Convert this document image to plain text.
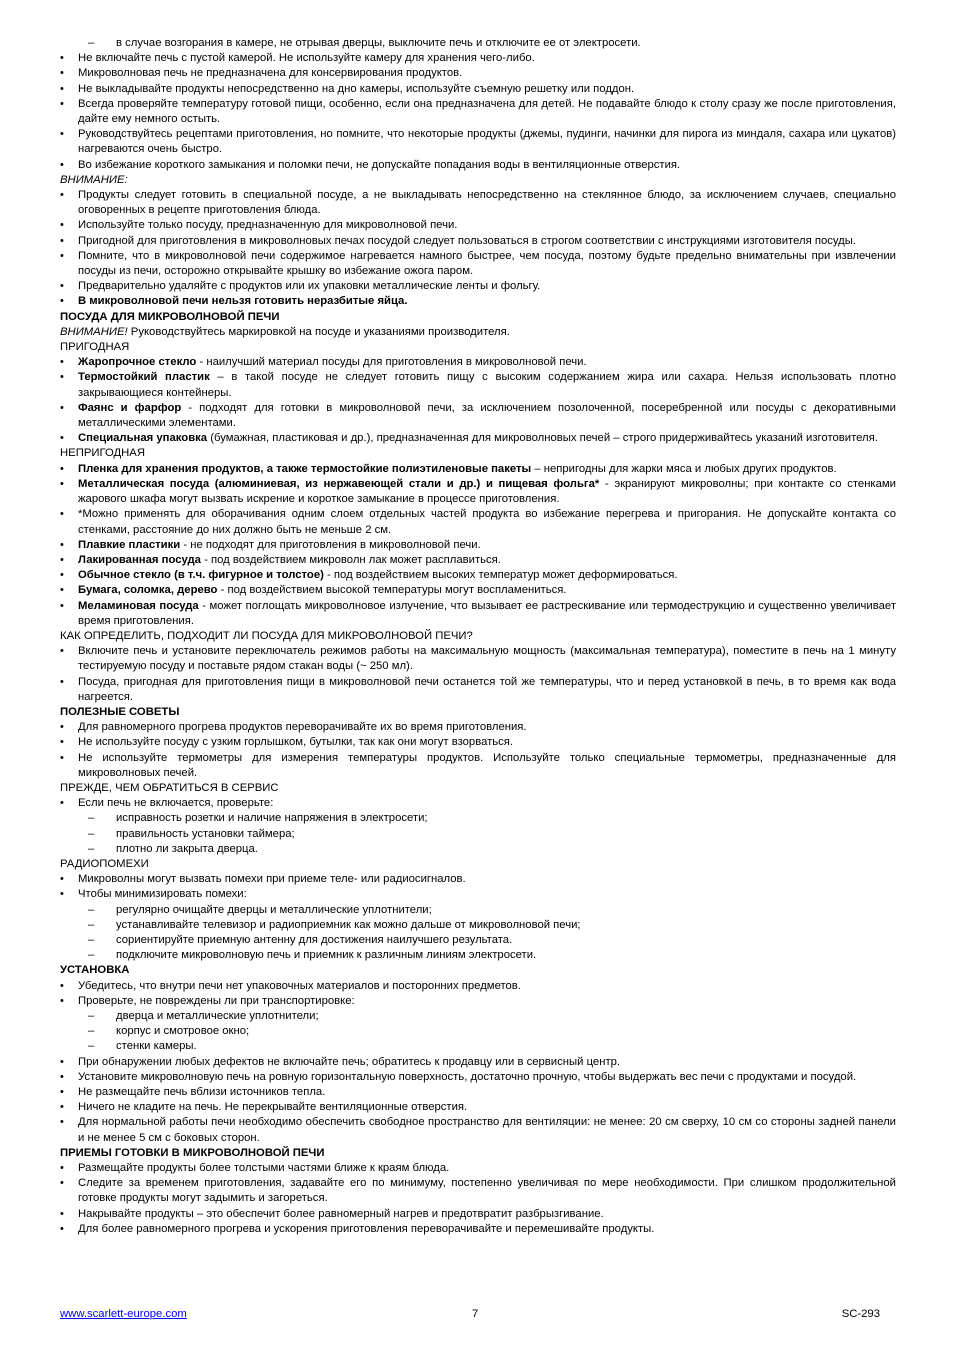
– в случае возгорания в камере, не отрывая дверцы, выключите печь и отключите ее от электросети.
• Не включайте печь с пустой камерой. Не используйте камеру для хранения чего-либо.
• Микроволновая печь не предназначена для консервирования продуктов.
• Не выкладывайте продукты непосредственно на дно камеры, используйте съемную решетку или поддон.
• Всегда проверяйте температуру готовой пищи, особенно, если она предназначена для детей. Не подавайте блюдо к столу сразу же после приготовления, дайте ему немного остыть.
• Руководствуйтесь рецептами приготовления, но помните, что некоторые продукты (джемы, пудинги, начинки для пирога из миндаля, сахара или цукатов) нагреваются очень быстро.
• Во избежание короткого замыкания и поломки печи, не допускайте попадания воды в вентиляционные отверстия.
ВНИМАНИЕ:
• Продукты следует готовить в специальной посуде, а не выкладывать непосредственно на стеклянное блюдо, за исключением случаев, специально оговоренных в рецепте приготовления блюда.
• Используйте только посуду, предназначенную для микроволновой печи.
• Пригодной для приготовления в микроволновых печах посудой следует пользоваться в строгом соответствии с инструкциями изготовителя посуды.
• Помните, что в микроволновой печи содержимое нагревается намного быстрее, чем посуда, поэтому будьте предельно внимательны при извлечении посуды из печи, осторожно открывайте крышку во избежание ожога паром.
• Предварительно удаляйте с продуктов или их упаковки металлические ленты и фольгу.
• В микроволновой печи нельзя готовить неразбитые яйца.
ПОСУДА ДЛЯ МИКРОВОЛНОВОЙ ПЕЧИ
ВНИМАНИЕ! Руководствуйтесь маркировкой на посуде и указаниями производителя.
ПРИГОДНАЯ
• Жаропрочное стекло - наилучший материал посуды для приготовления в микроволновой печи.
• Термостойкий пластик – в такой посуде не следует готовить пищу с высоким содержанием жира или сахара. Нельзя использовать плотно закрывающиеся контейнеры.
• Фаянс и фарфор - подходят для готовки в микроволновой печи, за исключением позолоченной, посеребренной или посуды с декоративными металлическими элементами.
• Специальная упаковка (бумажная, пластиковая и др.), предназначенная для микроволновых печей – строго придерживайтесь указаний изготовителя.
НЕПРИГОДНАЯ
• Пленка для хранения продуктов, а также термостойкие полиэтиленовые пакеты – непригодны для жарки мяса и любых других продуктов.
• Металлическая посуда (алюминиевая, из нержавеющей стали и др.) и пищевая фольга* - экранируют микроволны; при контакте со стенками жарового шкафа могут вызвать искрение и короткое замыкание в процессе приготовления.
• *Можно применять для оборачивания одним слоем отдельных частей продукта во избежание перегрева и пригорания. Не допускайте контакта со стенками, расстояние до них должно быть не меньше 2 см.
• Плавкие пластики - не подходят для приготовления в микроволновой печи.
• Лакированная посуда - под воздействием микроволн лак может расплавиться.
• Обычное стекло (в т.ч. фигурное и толстое) - под воздействием высоких температур может деформироваться.
• Бумага, соломка, дерево - под воздействием высокой температуры могут воспламениться.
• Меламиновая посуда - может поглощать микроволновое излучение, что вызывает ее растрескивание или термодеструкцию и существенно увеличивает время приготовления.
КАК ОПРЕДЕЛИТЬ, ПОДХОДИТ ЛИ ПОСУДА ДЛЯ МИКРОВОЛНОВОЙ ПЕЧИ?
• Включите печь и установите переключатель режимов работы на максимальную мощность (максимальная температура), поместите в печь на 1 минуту тестируемую посуду и поставьте рядом стакан воды (~ 250 мл).
• Посуда, пригодная для приготовления пищи в микроволновой печи останется той же температуры, что и перед установкой в печь, в то время как вода нагреется.
ПОЛЕЗНЫЕ СОВЕТЫ
• Для равномерного прогрева продуктов переворачивайте их во время приготовления.
• Не используйте посуду с узким горлышком, бутылки, так как они могут взорваться.
• Не используйте термометры для измерения температуры продуктов. Используйте только специальные термометры, предназначенные для микроволновых печей.
ПРЕЖДЕ, ЧЕМ ОБРАТИТЬСЯ В СЕРВИС
• Если печь не включается, проверьте:
– исправность розетки и наличие напряжения в электросети;
– правильность установки таймера;
– плотно ли закрыта дверца.
РАДИОПОМЕХИ
• Микроволны могут вызвать помехи при приеме теле- или радиосигналов.
• Чтобы минимизировать помехи:
– регулярно очищайте дверцы и металлические уплотнители;
– устанавливайте телевизор и радиоприемник как можно дальше от микроволновой печи;
– сориентируйте приемную антенну для достижения наилучшего результата.
– подключите микроволновую печь и приемник к различным линиям электросети.
УСТАНОВКА
• Убедитесь, что внутри печи нет упаковочных материалов и посторонних предметов.
• Проверьте, не повреждены ли при транспортировке:
– дверца и металлические уплотнители;
– корпус и смотровое окно;
– стенки камеры.
• При обнаружении любых дефектов не включайте печь; обратитесь к продавцу или в сервисный центр.
• Установите микроволновую печь на ровную горизонтальную поверхность, достаточно прочную, чтобы выдержать вес печи с продуктами и посудой.
• Не размещайте печь вблизи источников тепла.
• Ничего не кладите на печь. Не перекрывайте вентиляционные отверстия.
• Для нормальной работы печи необходимо обеспечить свободное пространство для вентиляции: не менее: 20 см сверху, 10 см со стороны задней панели и не менее 5 см с боковых сторон.
ПРИЕМЫ ГОТОВКИ В МИКРОВОЛНОВОЙ ПЕЧИ
• Размещайте продукты более толстыми частями ближе к краям блюда.
• Следите за временем приготовления, задавайте его по минимуму, постепенно увеличивая по мере необходимости. При слишком продолжительной готовке продукты могут задымить и загореться.
• Накрывайте продукты – это обеспечит более равномерный нагрев и предотвратит разбрызгивание.
• Для более равномерного прогрева и ускорения приготовления переворачивайте и перемешивайте продукты.
www.scarlett-europe.com	7	SC-293
